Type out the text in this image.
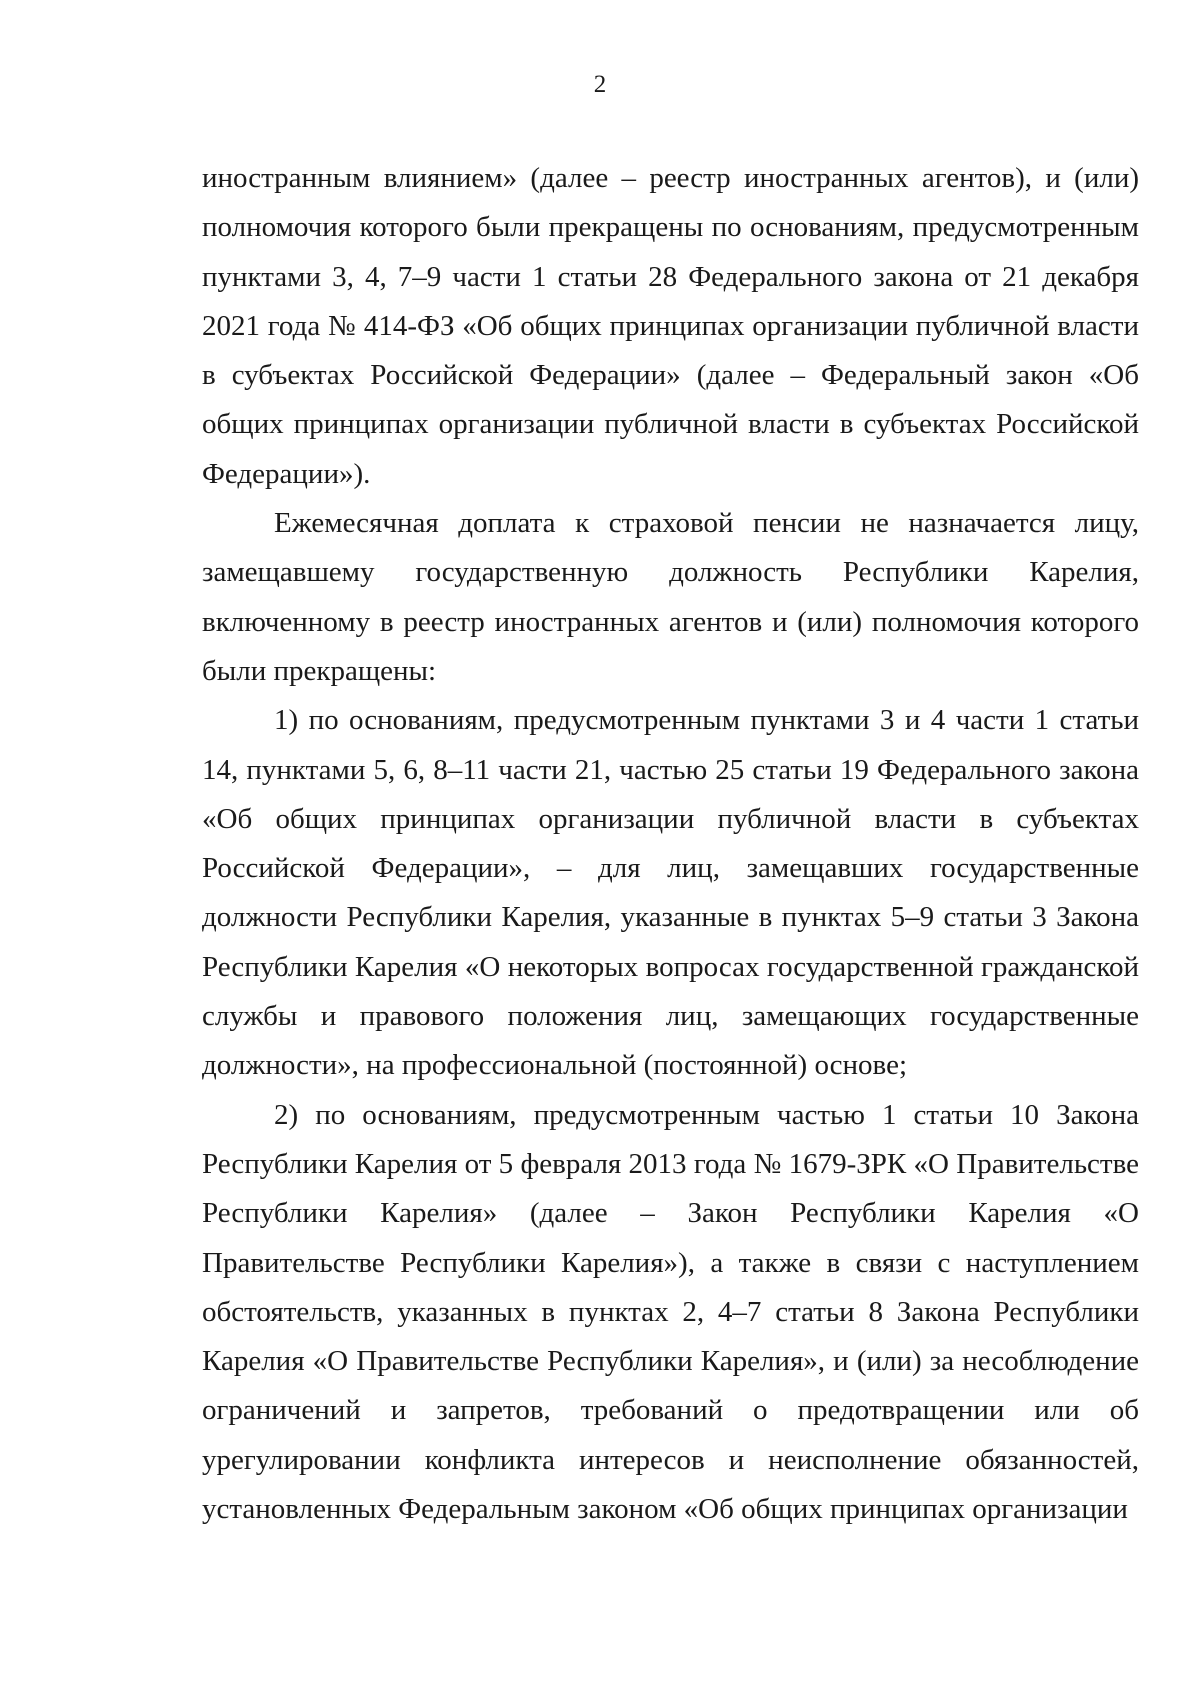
2

иностранным влиянием» (далее – реестр иностранных агентов), и (или) полномочия которого были прекращены по основаниям, предусмотренным пунктами 3, 4, 7–9 части 1 статьи 28 Федерального закона от 21 декабря 2021 года № 414-ФЗ «Об общих принципах организации публичной власти в субъектах Российской Федерации» (далее – Федеральный закон «Об общих принципах организации публичной власти в субъектах Российской Федерации»).

Ежемесячная доплата к страховой пенсии не назначается лицу, замещавшему государственную должность Республики Карелия, включенному в реестр иностранных агентов и (или) полномочия которого были прекращены:

1) по основаниям, предусмотренным пунктами 3 и 4 части 1 статьи 14, пунктами 5, 6, 8–11 части 21, частью 25 статьи 19 Федерального закона «Об общих принципах организации публичной власти в субъектах Российской Федерации», – для лиц, замещавших государственные должности Республики Карелия, указанные в пунктах 5–9 статьи 3 Закона Республики Карелия «О некоторых вопросах государственной гражданской службы и правового положения лиц, замещающих государственные должности», на профессиональной (постоянной) основе;

2) по основаниям, предусмотренным частью 1 статьи 10 Закона Республики Карелия от 5 февраля 2013 года № 1679-ЗРК «О Правительстве Республики Карелия» (далее – Закон Республики Карелия «О Правительстве Республики Карелия»), а также в связи с наступлением обстоятельств, указанных в пунктах 2, 4–7 статьи 8 Закона Республики Карелия «О Правительстве Республики Карелия», и (или) за несоблюдение ограничений и запретов, требований о предотвращении или об урегулировании конфликта интересов и неисполнение обязанностей, установленных Федеральным законом «Об общих принципах организации
